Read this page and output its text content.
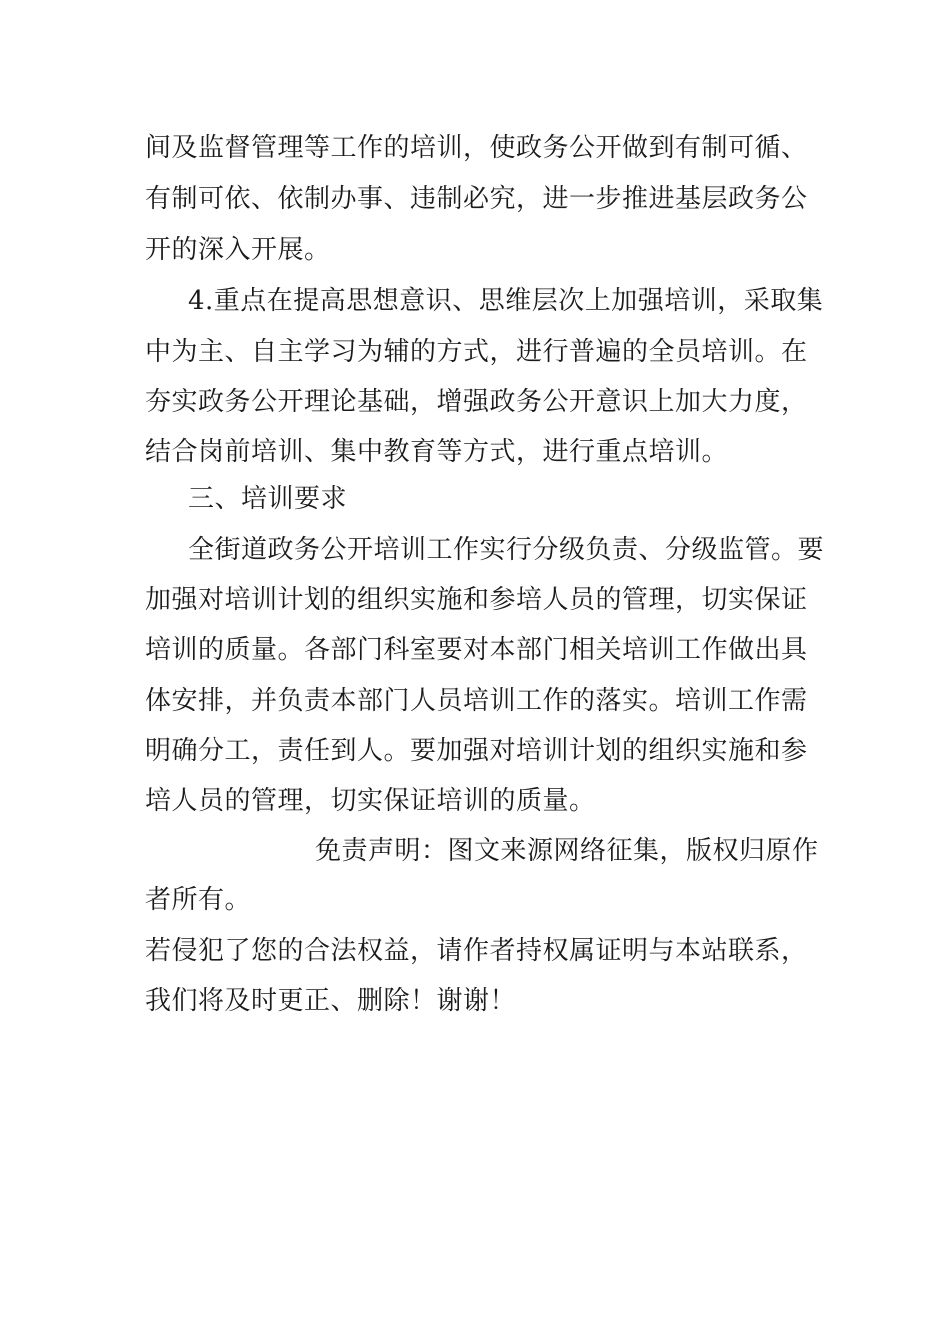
间及监督管理等工作的培训，使政务公开做到有制可循、
有制可依、依制办事、违制必究，进一步推进基层政务公
开的深入开展。
4.重点在提高思想意识、思维层次上加强培训，采取集
中为主、自主学习为辅的方式，进行普遍的全员培训。在
夯实政务公开理论基础，增强政务公开意识上加大力度，
结合岗前培训、集中教育等方式，进行重点培训。
三、培训要求
全街道政务公开培训工作实行分级负责、分级监管。要
加强对培训计划的组织实施和参培人员的管理，切实保证
培训的质量。各部门科室要对本部门相关培训工作做出具
体安排，并负责本部门人员培训工作的落实。培训工作需
明确分工，责任到人。要加强对培训计划的组织实施和参
培人员的管理，切实保证培训的质量。
免责声明：图文来源网络征集，版权归原作
者所有。
若侵犯了您的合法权益，请作者持权属证明与本站联系，
我们将及时更正、删除！谢谢！
